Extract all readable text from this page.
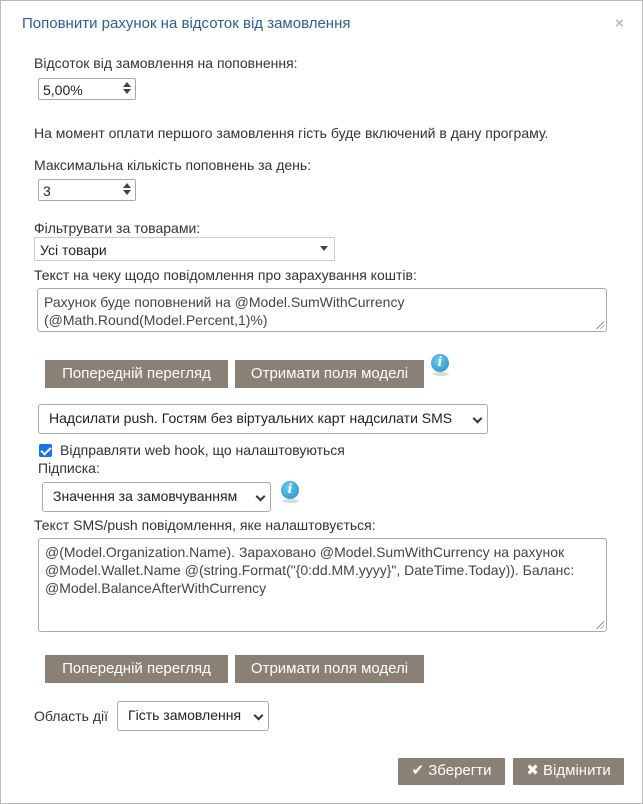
Поповнити рахунок на відсоток від замовлення	×
Відсоток від замовлення на поповнення:
5,00%
На момент оплати першого замовлення гість буде включений в дану програму.
Максимальна кількість поповнень за день:
3
Фільтрувати за товарами:
Усі товари
Текст на чеку щодо повідомлення про зарахування коштів:
Рахунок буде поповнений на @Model.SumWithCurrency (@Math.Round(Model.Percent,1)%)
Попередній перегляд	Отримати поля моделі
i
Надсилати push. Гостям без віртуальних карт надсилати SMS
Відправляти web hook, що налаштовуються
Підписка:
Значення за замовчуванням	i
Текст SMS/push повідомлення, яке налаштовується:
@(Model.Organization.Name). Зараховано @Model.SumWithCurrency на рахунок @Model.Wallet.Name @(string.Format("{0:dd.MM.yyyy}", DateTime.Today)). Баланс: @Model.BalanceAfterWithCurrency
Попередній перегляд	Отримати поля моделі
Область дії Гість замовлення
✔ Зберегти	✖ Відмінити
